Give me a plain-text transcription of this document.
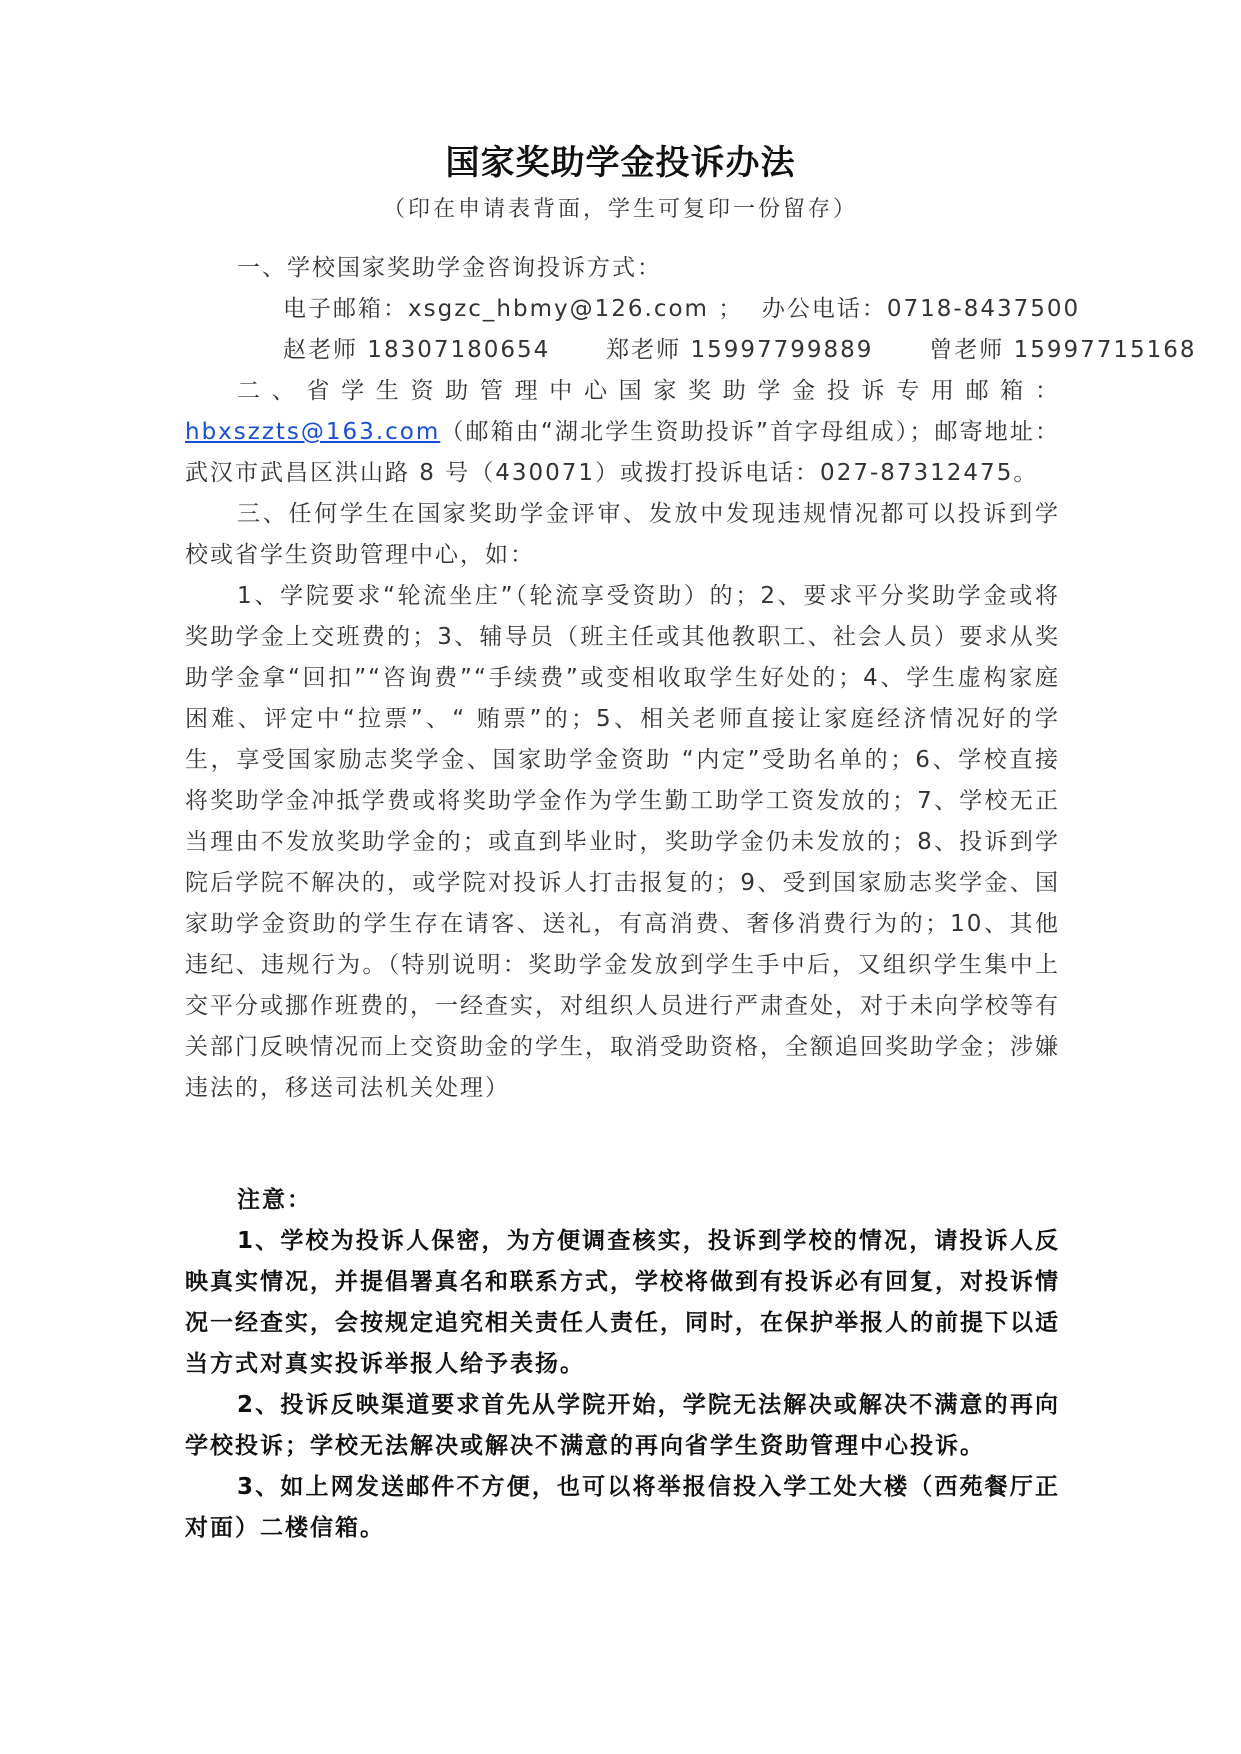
国家奖助学金投诉办法
（印在申请表背面，学生可复印一份留存）
一、学校国家奖助学金咨询投诉方式：
电子邮箱：xsgzc_hbmy@126.com ；  办公电话：0718-8437500
赵老师 18307180654      郑老师 15997799889      曾老师 15997715168
二、省学生资助管理中心国家奖助学金投诉专用邮箱：hbxszzts@163.com（邮箱由“湖北学生资助投诉”首字母组成）；邮寄地址：武汉市武昌区洪山路 8 号（430071）或拨打投诉电话：027-87312475。
三、任何学生在国家奖助学金评审、发放中发现违规情况都可以投诉到学校或省学生资助管理中心，如：
1、学院要求“轮流坐庄”（轮流享受资助）的；2、要求平分奖助学金或将奖助学金上交班费的；3、辅导员（班主任或其他教职工、社会人员）要求从奖助学金拿“回扣”“咨询费”“手续费”或变相收取学生好处的；4、学生虚构家庭困难、评定中“拉票”、“ 贿票”的；5、相关老师直接让家庭经济情况好的学生，享受国家励志奖学金、国家助学金资助 “内定”受助名单的；6、学校直接将奖助学金冲抵学费或将奖助学金作为学生勤工助学工资发放的；7、学校无正当理由不发放奖助学金的；或直到毕业时，奖助学金仍未发放的；8、投诉到学院后学院不解决的，或学院对投诉人打击报复的；9、受到国家励志奖学金、国家助学金资助的学生存在请客、送礼，有高消费、奢侈消费行为的；10、其他违纪、违规行为。（特别说明：奖助学金发放到学生手中后，又组织学生集中上交平分或挪作班费的，一经查实，对组织人员进行严肃查处，对于未向学校等有关部门反映情况而上交资助金的学生，取消受助资格，全额追回奖助学金；涉嫌违法的，移送司法机关处理）
注意：
1、学校为投诉人保密，为方便调查核实，投诉到学校的情况，请投诉人反映真实情况，并提倡署真名和联系方式，学校将做到有投诉必有回复，对投诉情况一经查实，会按规定追究相关责任人责任，同时，在保护举报人的前提下以适当方式对真实投诉举报人给予表扬。
2、投诉反映渠道要求首先从学院开始，学院无法解决或解决不满意的再向学校投诉；学校无法解决或解决不满意的再向省学生资助管理中心投诉。
3、如上网发送邮件不方便，也可以将举报信投入学工处大楼（西苑餐厅正对面）二楼信箱。
